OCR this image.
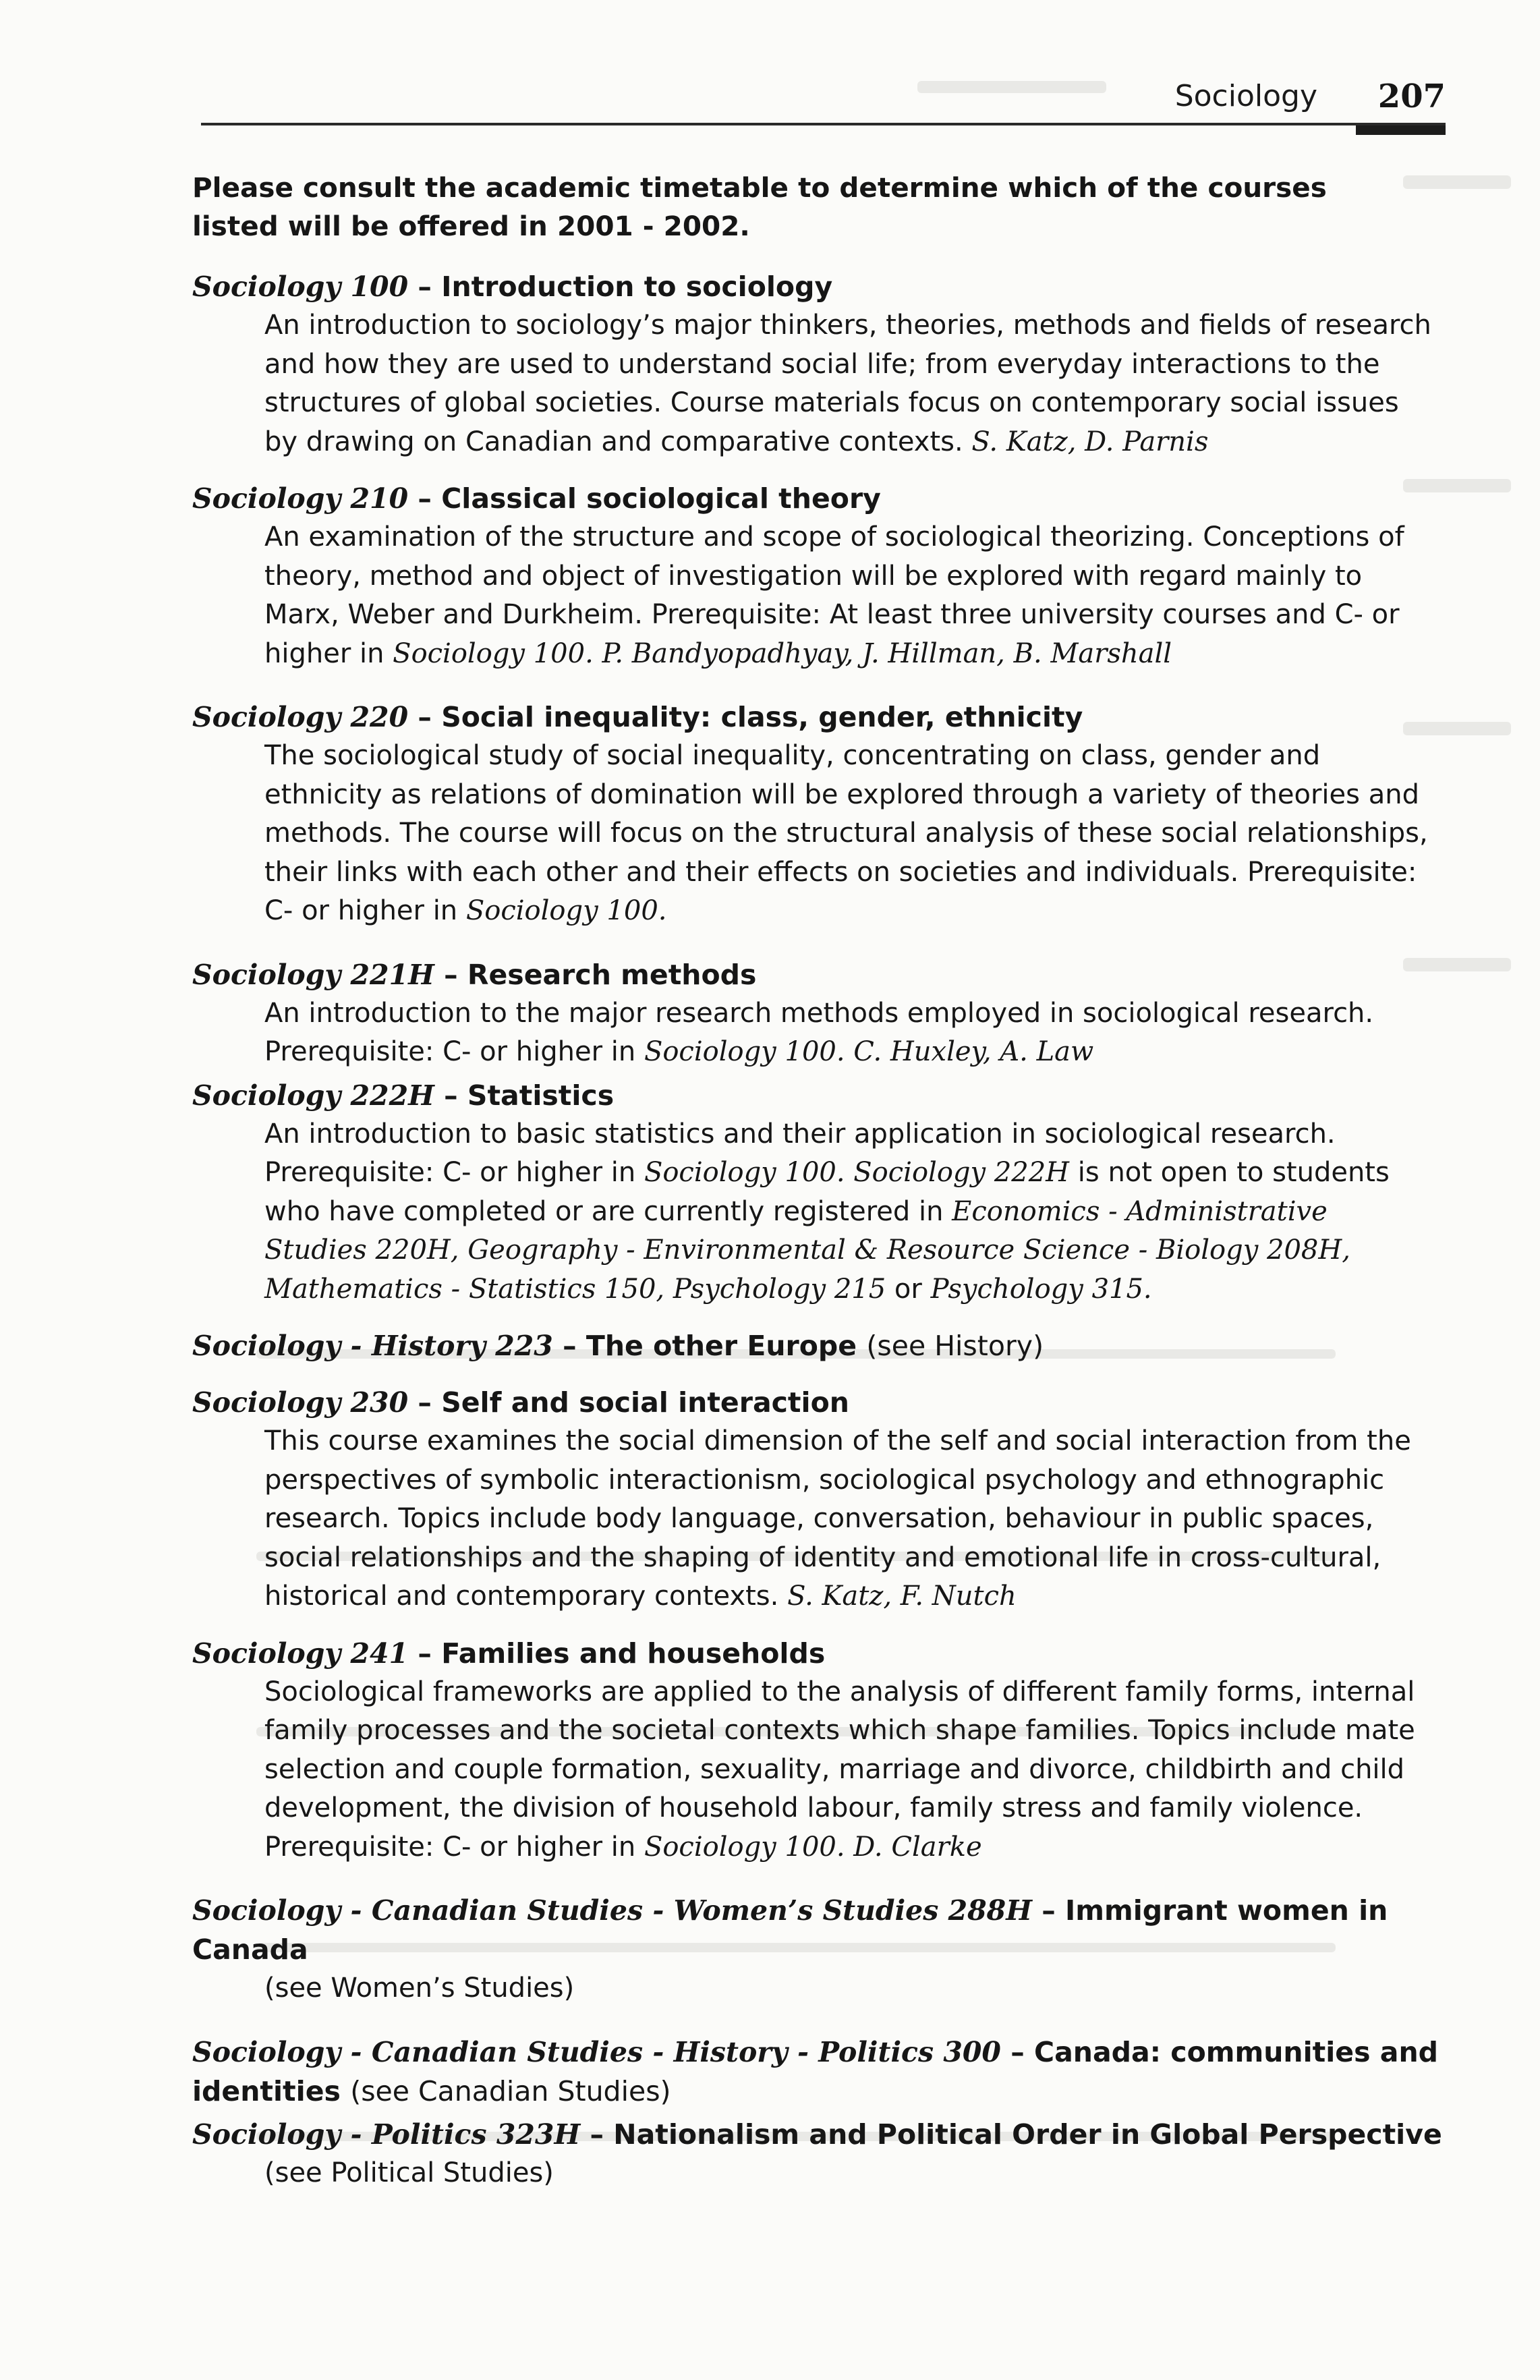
Sociology 207

Please consult the academic timetable to determine which of the courses listed will be offered in 2001 - 2002.

Sociology 100 – Introduction to sociology
An introduction to sociology’s major thinkers, theories, methods and fields of research and how they are used to understand social life; from everyday interactions to the structures of global societies. Course materials focus on contemporary social issues by drawing on Canadian and comparative contexts. S. Katz, D. Parnis
Sociology 210 – Classical sociological theory
An examination of the structure and scope of sociological theorizing. Conceptions of theory, method and object of investigation will be explored with regard mainly to Marx, Weber and Durkheim. Prerequisite: At least three university courses and C- or higher in Sociology 100. P. Bandyopadhyay, J. Hillman, B. Marshall
Sociology 220 – Social inequality: class, gender, ethnicity
The sociological study of social inequality, concentrating on class, gender and ethnicity as relations of domination will be explored through a variety of theories and methods. The course will focus on the structural analysis of these social relationships, their links with each other and their effects on societies and individuals. Prerequisite: C- or higher in Sociology 100.
Sociology 221H – Research methods
An introduction to the major research methods employed in sociological research. Prerequisite: C- or higher in Sociology 100. C. Huxley, A. Law
Sociology 222H – Statistics
An introduction to basic statistics and their application in sociological research. Prerequisite: C- or higher in Sociology 100. Sociology 222H is not open to students who have completed or are currently registered in Economics - Administrative Studies 220H, Geography - Environmental & Resource Science - Biology 208H, Mathematics - Statistics 150, Psychology 215 or Psychology 315.
Sociology - History 223 – The other Europe (see History)
Sociology 230 – Self and social interaction
This course examines the social dimension of the self and social interaction from the perspectives of symbolic interactionism, sociological psychology and ethnographic research. Topics include body language, conversation, behaviour in public spaces, social relationships and the shaping of identity and emotional life in cross-cultural, historical and contemporary contexts. S. Katz, F. Nutch
Sociology 241 – Families and households
Sociological frameworks are applied to the analysis of different family forms, internal family processes and the societal contexts which shape families. Topics include mate selection and couple formation, sexuality, marriage and divorce, childbirth and child development, the division of household labour, family stress and family violence. Prerequisite: C- or higher in Sociology 100. D. Clarke
Sociology - Canadian Studies - Women’s Studies 288H – Immigrant women in Canada
(see Women’s Studies)
Sociology - Canadian Studies - History - Politics 300 – Canada: communities and identities (see Canadian Studies)
Sociology - Politics 323H – Nationalism and Political Order in Global Perspective
(see Political Studies)
